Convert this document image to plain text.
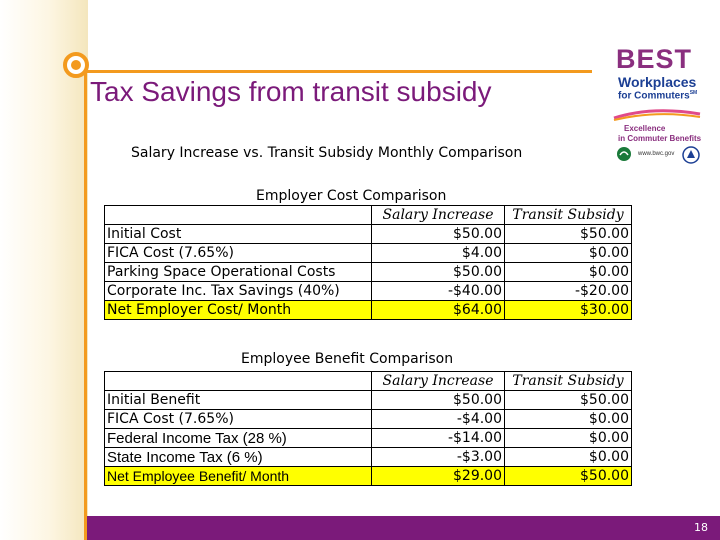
Tax Savings from transit subsidy
BEST
Workplaces
for Commuters℠
Excellence
in Commuter Benefits
www.bwc.gov
Salary Increase vs. Transit Subsidy Monthly Comparison
Employer Cost Comparison
	Salary Increase	Transit Subsidy
Initial Cost	$50.00	$50.00
FICA Cost (7.65%)	$4.00	$0.00
Parking Space Operational Costs	$50.00	$0.00
Corporate Inc. Tax Savings (40%)	-$40.00	-$20.00
Net Employer Cost/ Month	$64.00	$30.00
Employee Benefit Comparison
	Salary Increase	Transit Subsidy
Initial Benefit	$50.00	$50.00
FICA Cost (7.65%)	-$4.00	$0.00
Federal Income Tax (28 %)	-$14.00	$0.00
State Income Tax (6 %)	-$3.00	$0.00
Net Employee Benefit/ Month	$29.00	$50.00
18
